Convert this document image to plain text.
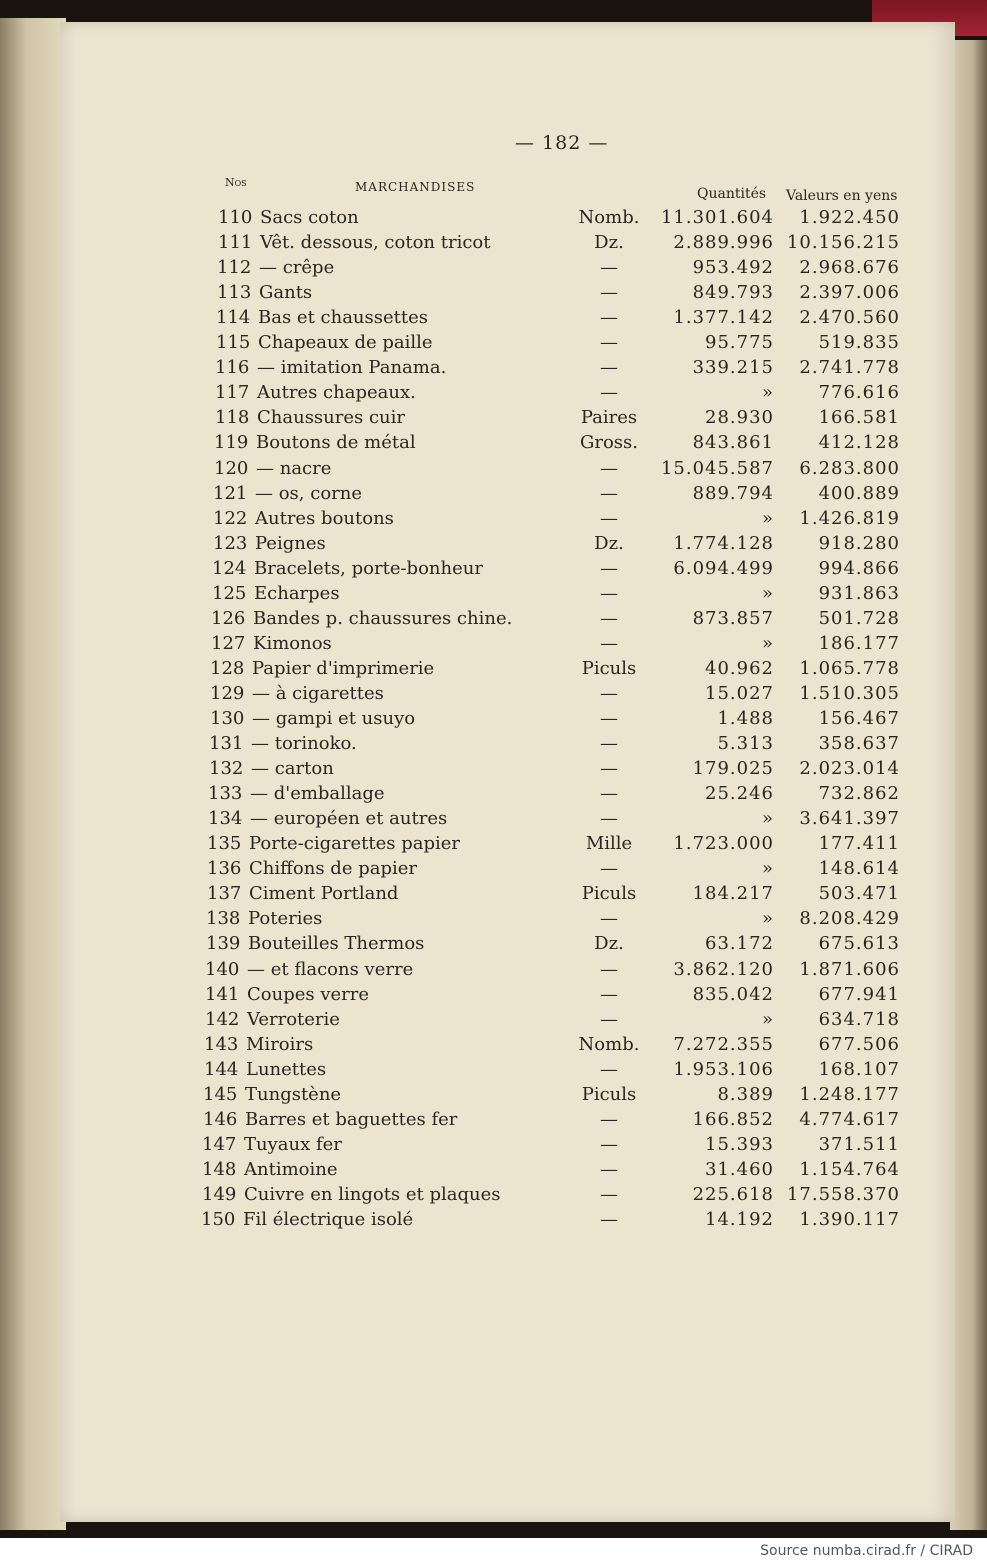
— 182 —
Nos	MARCHANDISES	Quantités Valeurs en yens
110 Sacs coton	Nomb.	11.301.604	1.922.450
111 Vêt. dessous, coton tricot	Dz.	2.889.996 10.156.215
112 — crêpe	—	953.492	2.968.676
113 Gants	—	849.793	2.397.006
114 Bas et chaussettes	—	1.377.142	2.470.560
115 Chapeaux de paille	—	95.775	519.835
116 — imitation Panama.	—	339.215	2.741.778
117 Autres chapeaux.	—	»	776.616
118 Chaussures cuir	Paires	28.930	166.581
119 Boutons de métal	Gross.	843.861	412.128
120 — nacre	—	15.045.587	6.283.800
121 — os, corne	—	889.794	400.889
122 Autres boutons	—	»	1.426.819
123 Peignes	Dz.	1.774.128	918.280
124 Bracelets, porte-bonheur	—	6.094.499	994.866
125 Echarpes	—	»	931.863
126 Bandes p. chaussures chine.	—	873.857	501.728
127 Kimonos	—	»	186.177
128 Papier d'imprimerie	Piculs	40.962	1.065.778
129 — à cigarettes	—	15.027	1.510.305
130 — gampi et usuyo	—	1.488	156.467
131 — torinoko.	—	5.313	358.637
132 — carton	—	179.025	2.023.014
133 — d'emballage	—	25.246	732.862
134 — européen et autres	—	»	3.641.397
135 Porte-cigarettes papier	Mille	1.723.000	177.411
136 Chiffons de papier	—	»	148.614
137 Ciment Portland	Piculs	184.217	503.471
138 Poteries	—	»	8.208.429
139 Bouteilles Thermos	Dz.	63.172	675.613
140 — et flacons verre	—	3.862.120	1.871.606
141 Coupes verre	—	835.042	677.941
142 Verroterie	—	»	634.718
143 Miroirs	Nomb.	7.272.355	677.506
144 Lunettes	—	1.953.106	168.107
145 Tungstène	Piculs	8.389	1.248.177
146 Barres et baguettes fer	—	166.852	4.774.617
147 Tuyaux fer	—	15.393	371.511
148 Antimoine	—	31.460	1.154.764
149 Cuivre en lingots et plaques	—	225.618 17.558.370
150 Fil électrique isolé	—	14.192	1.390.117
Source numba.cirad.fr / CIRAD
